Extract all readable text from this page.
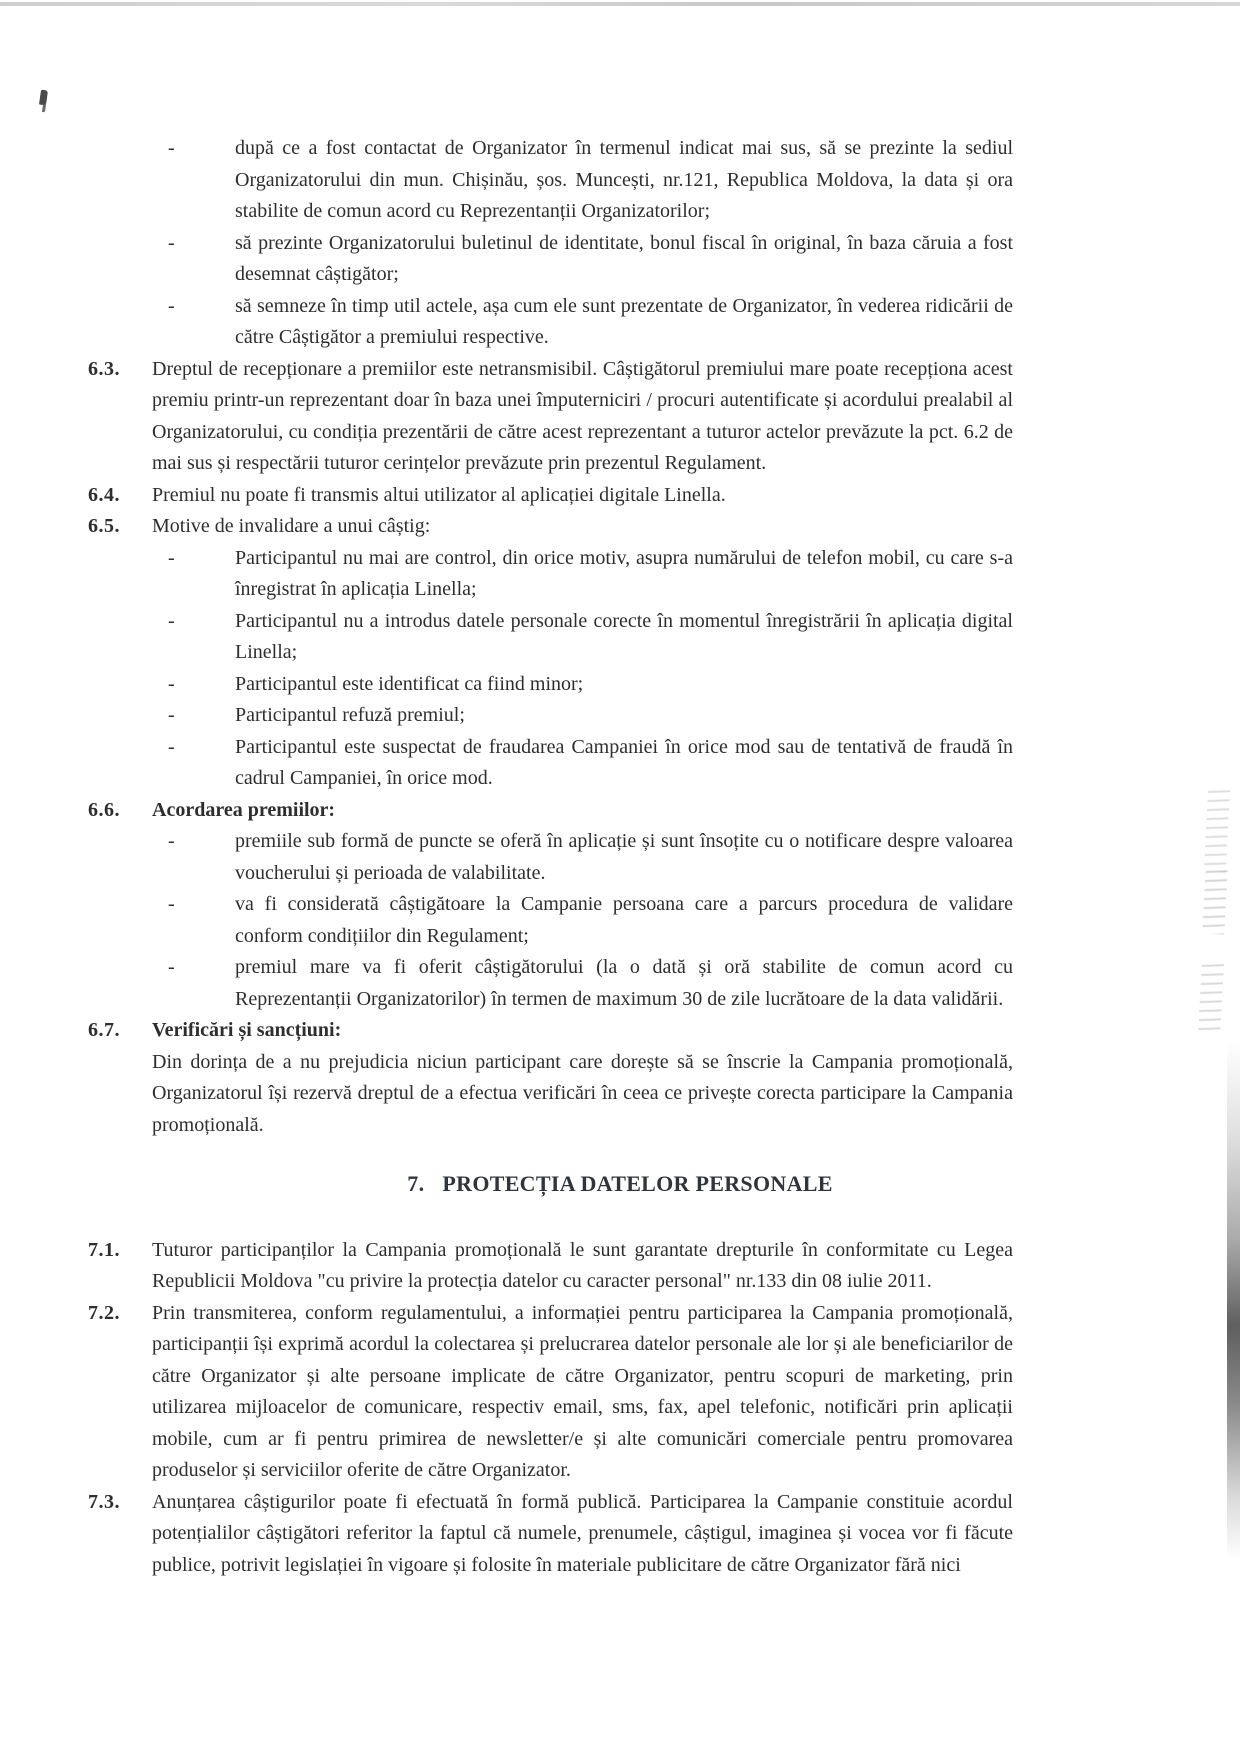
-	după ce a fost contactat de Organizator în termenul indicat mai sus, să se prezinte la sediul Organizatorului din mun. Chișinău, șos. Muncești, nr.121, Republica Moldova, la data și ora stabilite de comun acord cu Reprezentanții Organizatorilor;
-	să prezinte Organizatorului buletinul de identitate, bonul fiscal în original, în baza căruia a fost desemnat câștigător;
-	să semneze în timp util actele, așa cum ele sunt prezentate de Organizator, în vederea ridicării de către Câștigător a premiului respective.
6.3.	Dreptul de recepționare a premiilor este netransmisibil. Câștigătorul premiului mare poate recepționa acest premiu printr-un reprezentant doar în baza unei împuterniciri / procuri autentificate și acordului prealabil al Organizatorului, cu condiția prezentării de către acest reprezentant a tuturor actelor prevăzute la pct. 6.2 de mai sus și respectării tuturor cerințelor prevăzute prin prezentul Regulament.
6.4.	Premiul nu poate fi transmis altui utilizator al aplicației digitale Linella.
6.5.	Motive de invalidare a unui câștig:
-	Participantul nu mai are control, din orice motiv, asupra numărului de telefon mobil, cu care s-a înregistrat în aplicația Linella;
-	Participantul nu a introdus datele personale corecte în momentul înregistrării în aplicația digital Linella;
-	Participantul este identificat ca fiind minor;
-	Participantul refuză premiul;
-	Participantul este suspectat de fraudarea Campaniei în orice mod sau de tentativă de fraudă în cadrul Campaniei, în orice mod.
6.6.	Acordarea premiilor:
-	premiile sub formă de puncte se oferă în aplicație și sunt însoțite cu o notificare despre valoarea voucherului și perioada de valabilitate.
-	va fi considerată câștigătoare la Campanie persoana care a parcurs procedura de validare conform condițiilor din Regulament;
-	premiul mare va fi oferit câștigătorului (la o dată și oră stabilite de comun acord cu Reprezentanții Organizatorilor) în termen de maximum 30 de zile lucrătoare de la data validării.
6.7.	Verificări și sancțiuni:
Din dorința de a nu prejudicia niciun participant care dorește să se înscrie la Campania promoțională, Organizatorul își rezervă dreptul de a efectua verificări în ceea ce privește corecta participare la Campania promoțională.
7. PROTECȚIA DATELOR PERSONALE
7.1.	Tuturor participanților la Campania promoțională le sunt garantate drepturile în conformitate cu Legea Republicii Moldova "cu privire la protecția datelor cu caracter personal" nr.133 din 08 iulie 2011.
7.2.	Prin transmiterea, conform regulamentului, a informației pentru participarea la Campania promoțională, participanții își exprimă acordul la colectarea și prelucrarea datelor personale ale lor și ale beneficiarilor de către Organizator și alte persoane implicate de către Organizator, pentru scopuri de marketing, prin utilizarea mijloacelor de comunicare, respectiv email, sms, fax, apel telefonic, notificări prin aplicații mobile, cum ar fi pentru primirea de newsletter/e și alte comunicări comerciale pentru promovarea produselor și serviciilor oferite de către Organizator.
7.3.	Anunțarea câștigurilor poate fi efectuată în formă publică. Participarea la Campanie constituie acordul potențialilor câștigători referitor la faptul că numele, prenumele, câștigul, imaginea și vocea vor fi făcute publice, potrivit legislației în vigoare și folosite în materiale publicitare de către Organizator fără nici
